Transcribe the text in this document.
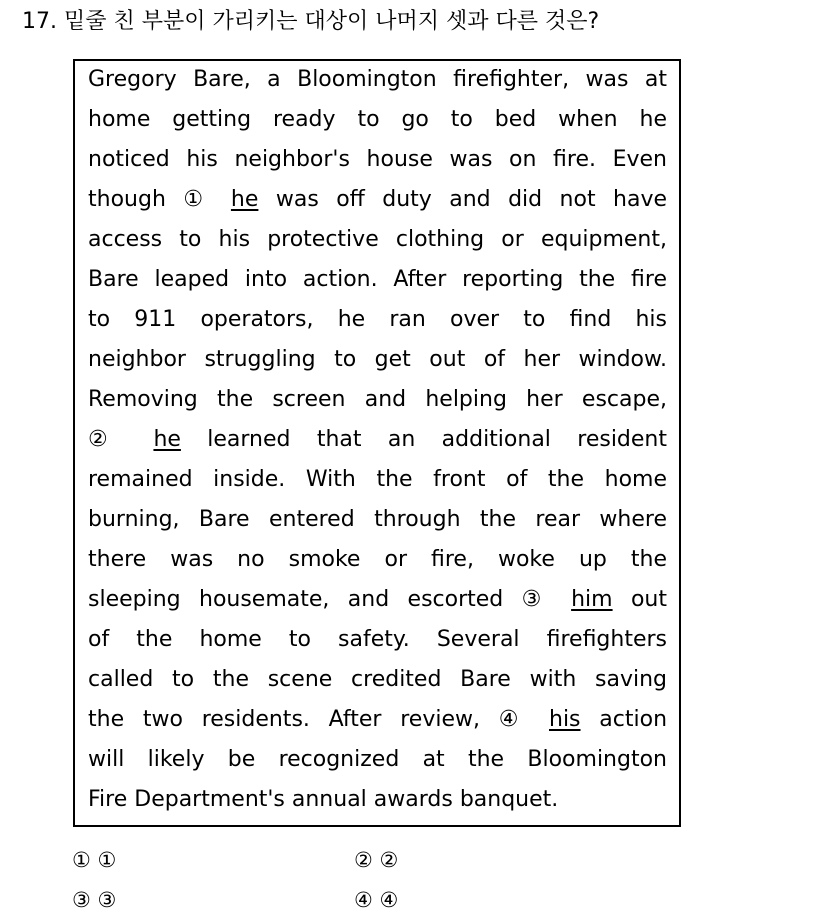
17. 밑줄 친 부분이 가리키는 대상이 나머지 셋과 다른 것은?
Gregory Bare, a Bloomington firefighter, was at
home getting ready to go to bed when he
noticed his neighbor's house was on fire. Even
though ① he was off duty and did not have
access to his protective clothing or equipment,
Bare leaped into action. After reporting the fire
to 911 operators, he ran over to find his
neighbor struggling to get out of her window.
Removing the screen and helping her escape,
② he learned that an additional resident
remained inside. With the front of the home
burning, Bare entered through the rear where
there was no smoke or fire, woke up the
sleeping housemate, and escorted ③ him out
of the home to safety. Several firefighters
called to the scene credited Bare with saving
the two residents. After review, ④ his action
will likely be recognized at the Bloomington
Fire Department's annual awards banquet.
① ①	② ②
③ ③	④ ④
